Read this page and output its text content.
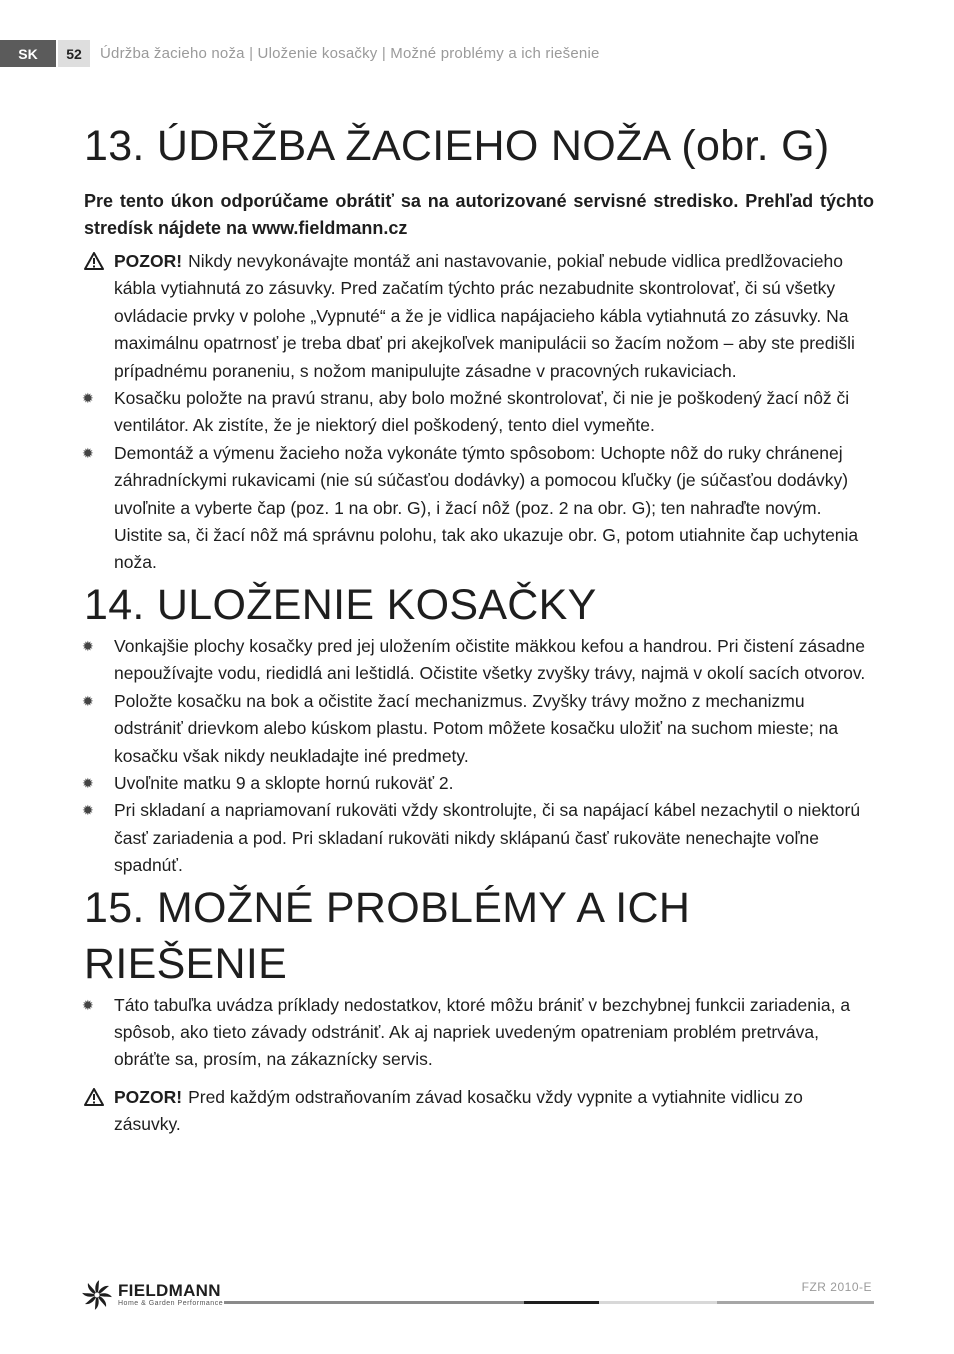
SK	52	Údržba žacieho noža | Uloženie kosačky | Možné problémy a ich riešenie
13. ÚDRŽBA ŽACIEHO NOŽA (obr. G)

Pre tento úkon odporúčame obrátiť sa na autorizované servisné stredisko. Prehľad týchto stredísk nájdete na www.fieldmann.cz

POZOR! Nikdy nevykonávajte montáž ani nastavovanie, pokiaľ nebude vidlica predlžovacieho kábla vytiahnutá zo zásuvky. Pred začatím týchto prác nezabudnite skontrolovať, či sú všetky ovládacie prvky v polohe „Vypnuté“ a že je vidlica napájacieho kábla vytiahnutá zo zásuvky. Na maximálnu opatrnosť je treba dbať pri akejkoľvek manipulácii so žacím nožom – aby ste predišli prípadnému poraneniu, s nožom manipulujte zásadne v pracovných rukaviciach.
✹ Kosačku položte na pravú stranu, aby bolo možné skontrolovať, či nie je poškodený žací nôž či ventilátor. Ak zistíte, že je niektorý diel poškodený, tento diel vymeňte.
✹ Demontáž a výmenu žacieho noža vykonáte týmto spôsobom: Uchopte nôž do ruky chránenej záhradníckymi rukavicami (nie sú súčasťou dodávky) a pomocou kľučky (je súčasťou dodávky) uvoľnite a vyberte čap (poz. 1 na obr. G), i žací nôž (poz. 2 na obr. G); ten nahraďte novým. Uistite sa, či žací nôž má správnu polohu, tak ako ukazuje obr. G, potom utiahnite čap uchytenia noža.
14. ULOŽENIE KOSAČKY
✹ Vonkajšie plochy kosačky pred jej uložením očistite mäkkou kefou a handrou. Pri čistení zásadne nepoužívajte vodu, riedidlá ani leštidlá. Očistite všetky zvyšky trávy, najmä v okolí sacích otvorov.
✹ Položte kosačku na bok a očistite žací mechanizmus. Zvyšky trávy možno z mechanizmu odstrániť drievkom alebo kúskom plastu. Potom môžete kosačku uložiť na suchom mieste; na kosačku však nikdy neukladajte iné predmety.
✹ Uvoľnite matku 9 a sklopte hornú rukoväť 2.
✹ Pri skladaní a napriamovaní rukoväti vždy skontrolujte, či sa napájací kábel nezachytil o niektorú časť zariadenia a pod. Pri skladaní rukoväti nikdy sklápanú časť rukoväte nenechajte voľne spadnúť.
15. MOŽNÉ PROBLÉMY A ICH RIEŠENIE
✹ Táto tabuľka uvádza príklady nedostatkov, ktoré môžu brániť v bezchybnej funkcii zariadenia, a spôsob, ako tieto závady odstrániť. Ak aj napriek uvedeným opatreniam problém pretrváva, obráťte sa, prosím, na zákaznícky servis.
POZOR! Pred každým odstraňovaním závad kosačku vždy vypnite a vytiahnite vidlicu zo zásuvky.
FIELDMANN
Home & Garden Performance
FZR 2010-E
